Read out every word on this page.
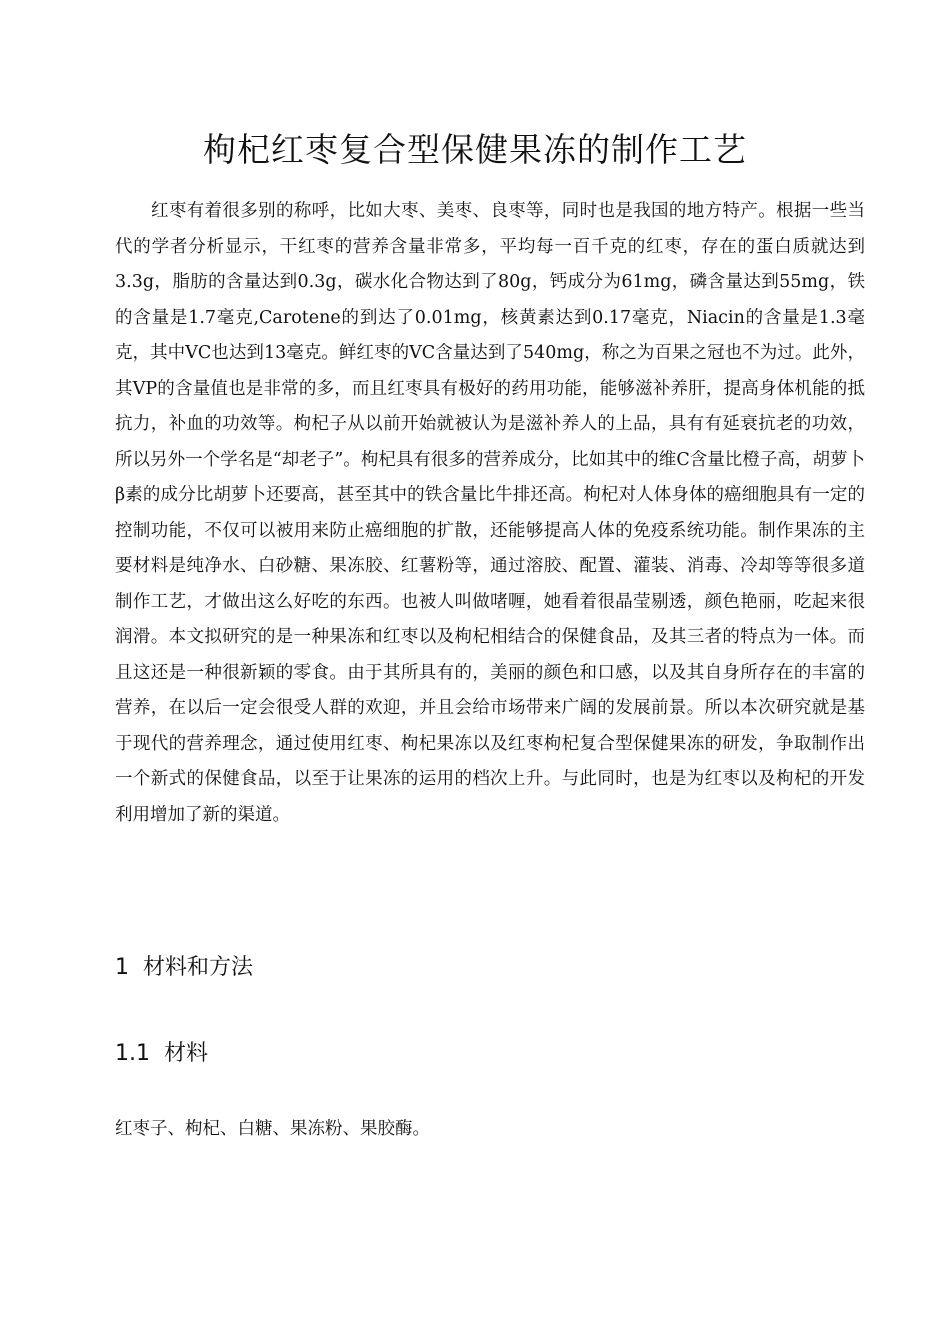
枸杞红枣复合型保健果冻的制作工艺

红枣有着很多别的称呼，比如大枣、美枣、良枣等，同时也是我国的地方特产。根据一些当代的学者分析显示，干红枣的营养含量非常多，平均每一百千克的红枣，存在的蛋白质就达到3.3g，脂肪的含量达到0.3g，碳水化合物达到了80g，钙成分为61mg，磷含量达到55mg，铁的含量是1.7毫克,Carotene的到达了0.01mg，核黄素达到0.17毫克，Niacin的含量是1.3毫克，其中VC也达到13毫克。鲜红枣的VC含量达到了540mg，称之为百果之冠也不为过。此外，其VP的含量值也是非常的多，而且红枣具有极好的药用功能，能够滋补养肝，提高身体机能的抵抗力，补血的功效等。枸杞子从以前开始就被认为是滋补养人的上品，具有有延衰抗老的功效，所以另外一个学名是“却老子”。枸杞具有很多的营养成分，比如其中的维C含量比橙子高，胡萝卜β素的成分比胡萝卜还要高，甚至其中的铁含量比牛排还高。枸杞对人体身体的癌细胞具有一定的控制功能，不仅可以被用来防止癌细胞的扩散，还能够提高人体的免疫系统功能。制作果冻的主要材料是纯净水、白砂糖、果冻胶、红薯粉等，通过溶胶、配置、灌装、消毒、冷却等等很多道制作工艺，才做出这么好吃的东西。也被人叫做啫喱，她看着很晶莹剔透，颜色艳丽，吃起来很润滑。本文拟研究的是一种果冻和红枣以及枸杞相结合的保健食品，及其三者的特点为一体。而且这还是一种很新颖的零食。由于其所具有的，美丽的颜色和口感，以及其自身所存在的丰富的营养，在以后一定会很受人群的欢迎，并且会给市场带来广阔的发展前景。所以本次研究就是基于现代的营养理念，通过使用红枣、枸杞果冻以及红枣枸杞复合型保健果冻的研发，争取制作出一个新式的保健食品，以至于让果冻的运用的档次上升。与此同时，也是为红枣以及枸杞的开发利用增加了新的渠道。

1 材料和方法
1.1 材料

红枣子、枸杞、白糖、果冻粉、果胶酶。
